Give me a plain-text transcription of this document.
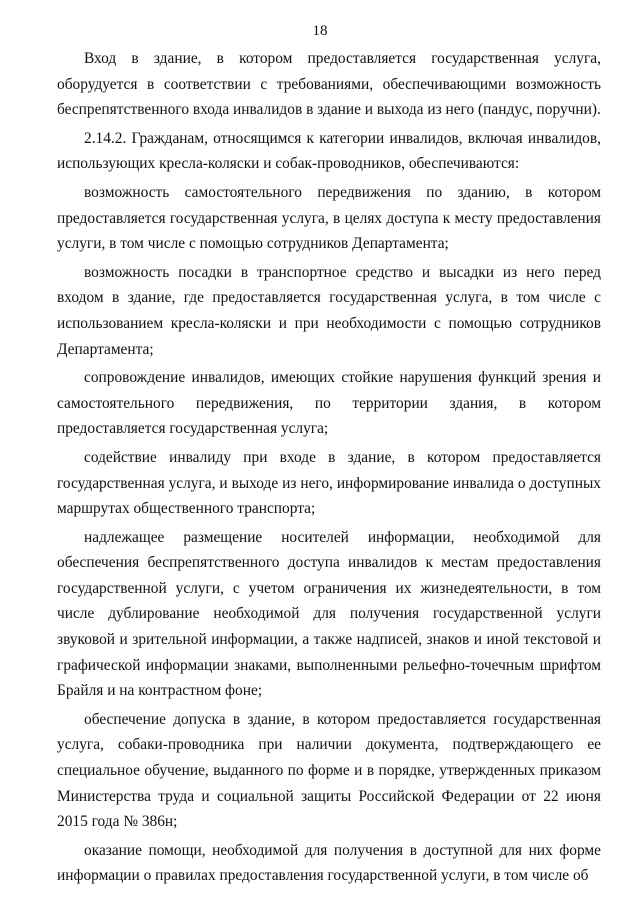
18

Вход в здание, в котором предоставляется государственная услуга, оборудуется в соответствии с требованиями, обеспечивающими возможность беспрепятственного входа инвалидов в здание и выхода из него (пандус, поручни).

2.14.2. Гражданам, относящимся к категории инвалидов, включая инвалидов, использующих кресла-коляски и собак-проводников, обеспечиваются:

возможность самостоятельного передвижения по зданию, в котором предоставляется государственная услуга, в целях доступа к месту предоставления услуги, в том числе с помощью сотрудников Департамента;

возможность посадки в транспортное средство и высадки из него перед входом в здание, где предоставляется государственная услуга, в том числе с использованием кресла-коляски и при необходимости с помощью сотрудников Департамента;

сопровождение инвалидов, имеющих стойкие нарушения функций зрения и самостоятельного передвижения, по территории здания, в котором предоставляется государственная услуга;

содействие инвалиду при входе в здание, в котором предоставляется государственная услуга, и выходе из него, информирование инвалида о доступных маршрутах общественного транспорта;

надлежащее размещение носителей информации, необходимой для обеспечения беспрепятственного доступа инвалидов к местам предоставления государственной услуги, с учетом ограничения их жизнедеятельности, в том числе дублирование необходимой для получения государственной услуги звуковой и зрительной информации, а также надписей, знаков и иной текстовой и графической информации знаками, выполненными рельефно-точечным шрифтом Брайля и на контрастном фоне;

обеспечение допуска в здание, в котором предоставляется государственная услуга, собаки-проводника при наличии документа, подтверждающего ее специальное обучение, выданного по форме и в порядке, утвержденных приказом Министерства труда и социальной защиты Российской Федерации от 22 июня 2015 года № 386н;

оказание помощи, необходимой для получения в доступной для них форме информации о правилах предоставления государственной услуги, в том числе об
